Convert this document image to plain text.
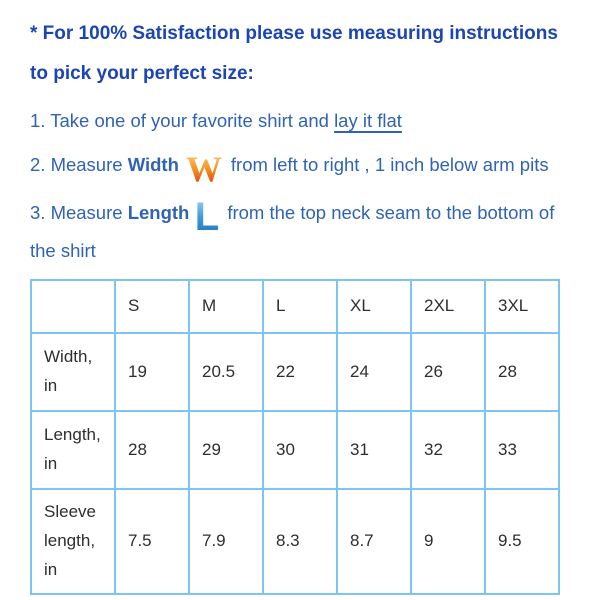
* For 100% Satisfaction please use measuring instructions
to pick your perfect size:

1. Take one of your favorite shirt and lay it flat

2. Measure Width W from left to right , 1 inch below arm pits

3. Measure Length L from the top neck seam to the bottom of the shirt

	S	M	L	XL	2XL	3XL
Width, in	19	20.5	22	24	26	28
Length, in	28	29	30	31	32	33
Sleeve length, in	7.5	7.9	8.3	8.7	9	9.5
